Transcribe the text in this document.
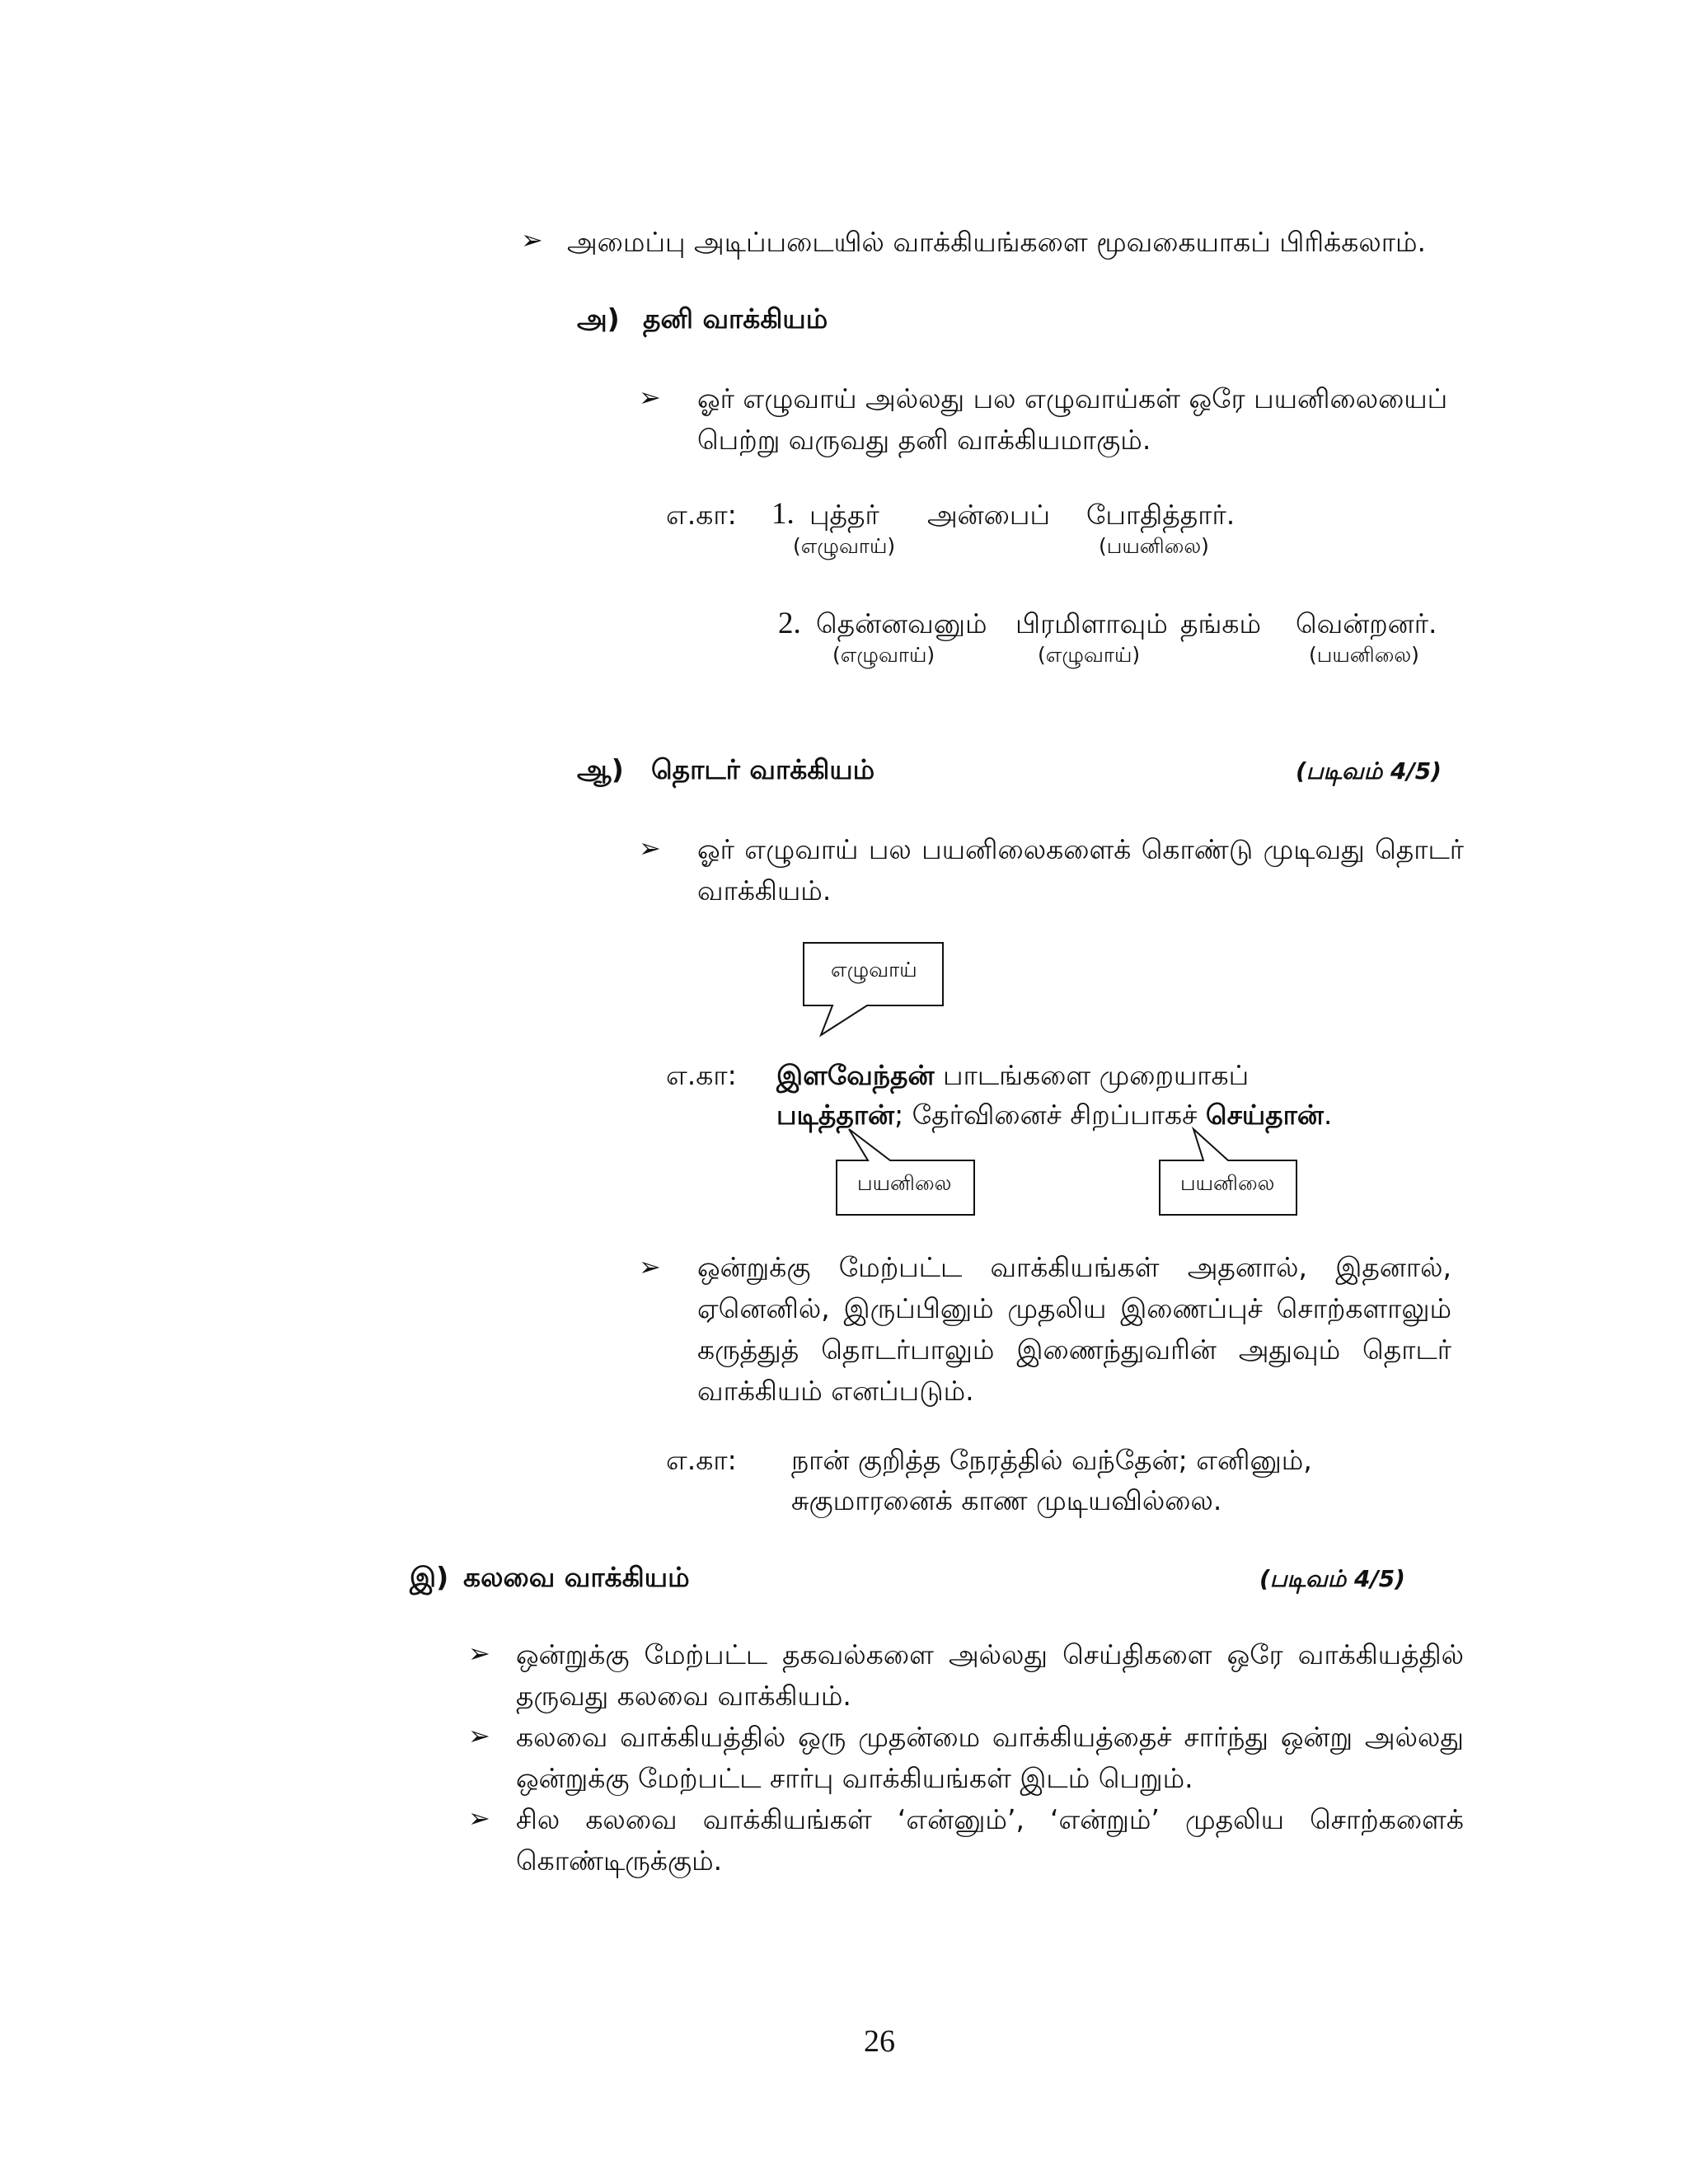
➢ அமைப்பு அடிப்படையில் வாக்கியங்களை மூவகையாகப் பிரிக்கலாம்.
அ) தனி வாக்கியம்
➢ ஓர் எழுவாய் அல்லது பல எழுவாய்கள் ஒரே பயனிலையைப்
பெற்று வருவது தனி வாக்கியமாகும்.
எ.கா: 1. புத்தர் அன்பைப் போதித்தார்.
(எழுவாய்)	(பயனிலை)
2. தென்னவனும் பிரமிளாவும் தங்கம் வென்றனர்.
(எழுவாய்)	(எழுவாய்)	(பயனிலை)
ஆ) தொடர் வாக்கியம்	(படிவம் 4/5)
➢ ஓர் எழுவாய் பல பயனிலைகளைக் கொண்டு முடிவது தொடர் வாக்கியம்.
எழுவாய்
எ.கா: இளவேந்தன் பாடங்களை முறையாகப்
படித்தான்; தேர்வினைச் சிறப்பாகச் செய்தான்.
பயனிலை	பயனிலை
➢ ஒன்றுக்கு மேற்பட்ட வாக்கியங்கள் அதனால், இதனால், ஏனெனில், இருப்பினும் முதலிய இணைப்புச் சொற்களாலும் கருத்துத் தொடர்பாலும் இணைந்துவரின் அதுவும் தொடர் வாக்கியம் எனப்படும்.
எ.கா: நான் குறித்த நேரத்தில் வந்தேன்; எனினும்,
சுகுமாரனைக் காண முடியவில்லை.
இ) கலவை வாக்கியம்	(படிவம் 4/5)
➢ ஒன்றுக்கு மேற்பட்ட தகவல்களை அல்லது செய்திகளை ஒரே வாக்கியத்தில் தருவது கலவை வாக்கியம்.
➢ கலவை வாக்கியத்தில் ஒரு முதன்மை வாக்கியத்தைச் சார்ந்து ஒன்று அல்லது ஒன்றுக்கு மேற்பட்ட சார்பு வாக்கியங்கள் இடம் பெறும்.
➢ சில கலவை வாக்கியங்கள் ‘என்னும்’, ‘என்றும்’ முதலிய சொற்களைக் கொண்டிருக்கும்.
26
